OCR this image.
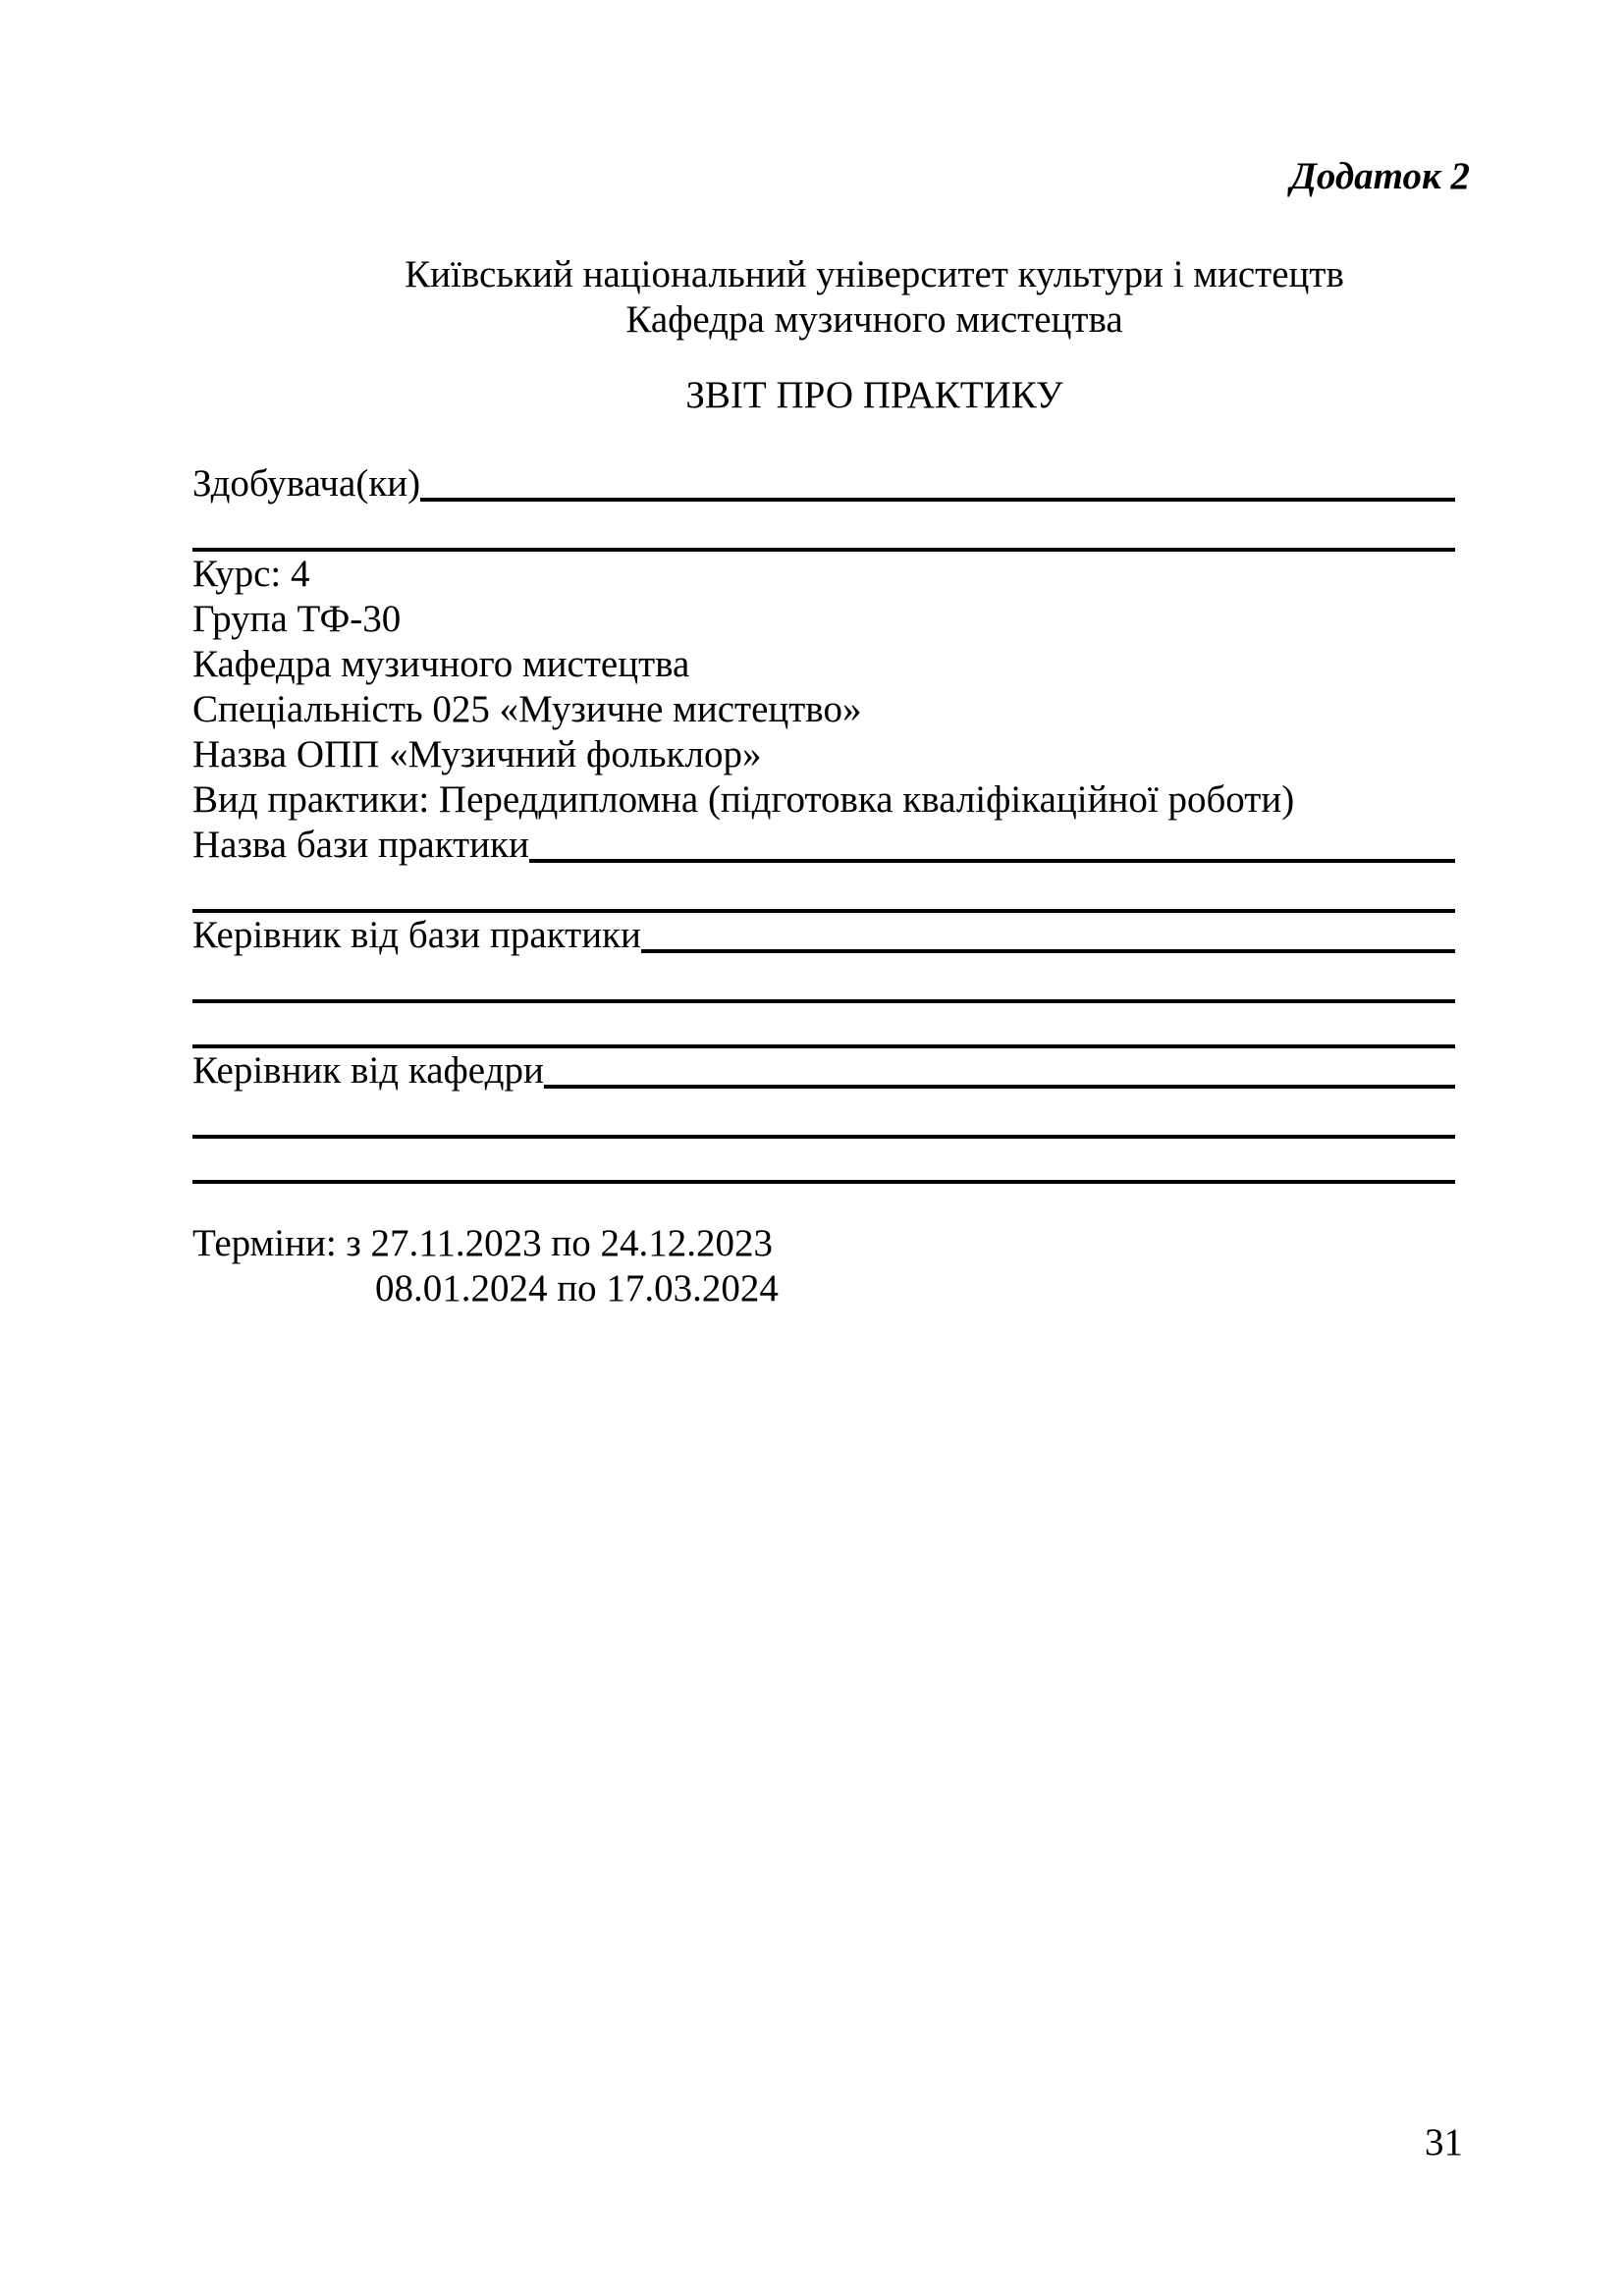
Додаток 2
Київський національний університет культури і мистецтв
Кафедра музичного мистецтва
ЗВІТ ПРО ПРАКТИКУ
Здобувача(ки)
Курс: 4
Група ТФ-30
Кафедра музичного мистецтва
Спеціальність 025 «Музичне мистецтво»
Назва ОПП «Музичний фольклор»
Вид практики: Переддипломна (підготовка кваліфікаційної роботи)
Назва бази практики
Керівник від бази практики
Керівник від кафедри
Терміни: з 27.11.2023 по 24.12.2023
08.01.2024 по 17.03.2024
31
